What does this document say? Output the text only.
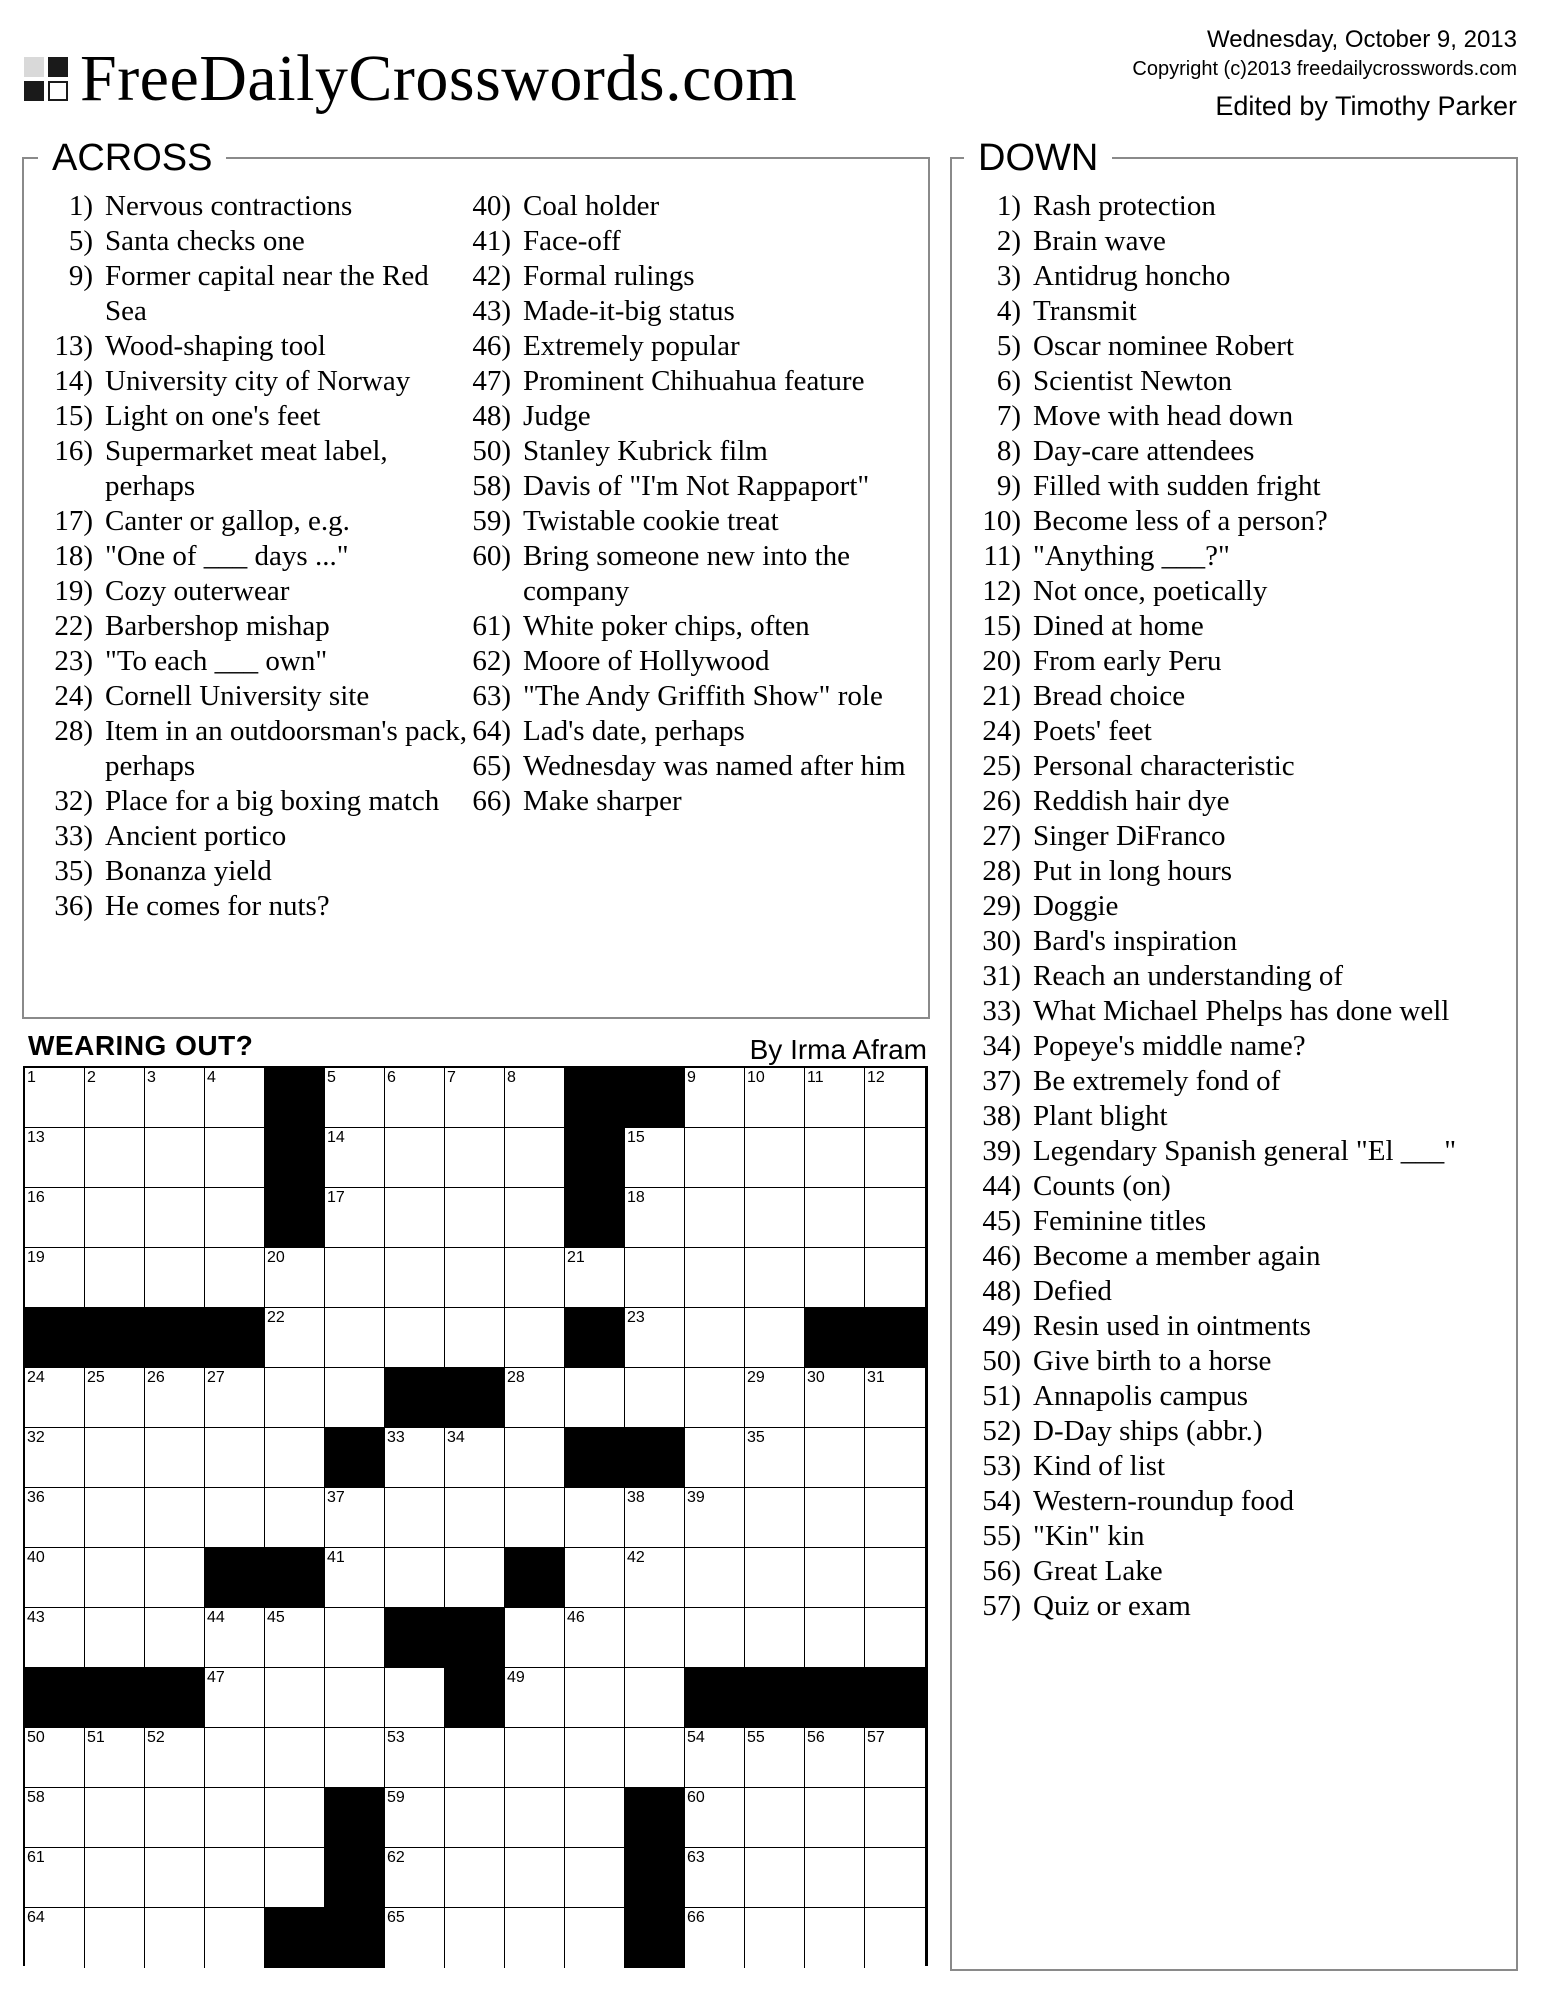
FreeDailyCrosswords.com
Wednesday, October 9, 2013
Copyright (c)2013 freedailycrosswords.com
Edited by Timothy Parker
ACROSS
1) Nervous contractions
5) Santa checks one
9) Former capital near the Red Sea
13) Wood-shaping tool
14) University city of Norway
15) Light on one's feet
16) Supermarket meat label, perhaps
17) Canter or gallop, e.g.
18) "One of ___ days ..."
19) Cozy outerwear
22) Barbershop mishap
23) "To each ___ own"
24) Cornell University site
28) Item in an outdoorsman's pack, perhaps
32) Place for a big boxing match
33) Ancient portico
35) Bonanza yield
36) He comes for nuts?
40) Coal holder
41) Face-off
42) Formal rulings
43) Made-it-big status
46) Extremely popular
47) Prominent Chihuahua feature
48) Judge
50) Stanley Kubrick film
58) Davis of "I'm Not Rappaport"
59) Twistable cookie treat
60) Bring someone new into the company
61) White poker chips, often
62) Moore of Hollywood
63) "The Andy Griffith Show" role
64) Lad's date, perhaps
65) Wednesday was named after him
66) Make sharper
DOWN
1) Rash protection
2) Brain wave
3) Antidrug honcho
4) Transmit
5) Oscar nominee Robert
6) Scientist Newton
7) Move with head down
8) Day-care attendees
9) Filled with sudden fright
10) Become less of a person?
11) "Anything ___?"
12) Not once, poetically
15) Dined at home
20) From early Peru
21) Bread choice
24) Poets' feet
25) Personal characteristic
26) Reddish hair dye
27) Singer DiFranco
28) Put in long hours
29) Doggie
30) Bard's inspiration
31) Reach an understanding of
33) What Michael Phelps has done well
34) Popeye's middle name?
37) Be extremely fond of
38) Plant blight
39) Legendary Spanish general "El ___"
44) Counts (on)
45) Feminine titles
46) Become a member again
48) Defied
49) Resin used in ointments
50) Give birth to a horse
51) Annapolis campus
52) D-Day ships (abbr.)
53) Kind of list
54) Western-roundup food
55) "Kin" kin
56) Great Lake
57) Quiz or exam
WEARING OUT?	By Irma Afram
1	2	3	4	5	6	7	8	9	10	11	12
13	14	15
16	17	18
19	20	21
22	23
24	25	26	27	28	29	30	31
32	33	34	35
36	37	38	39
40	41	42
43	44	45	46
47	49
50	51	52	53	54	55	56	57
58	59	60
61	62	63
64	65	66
